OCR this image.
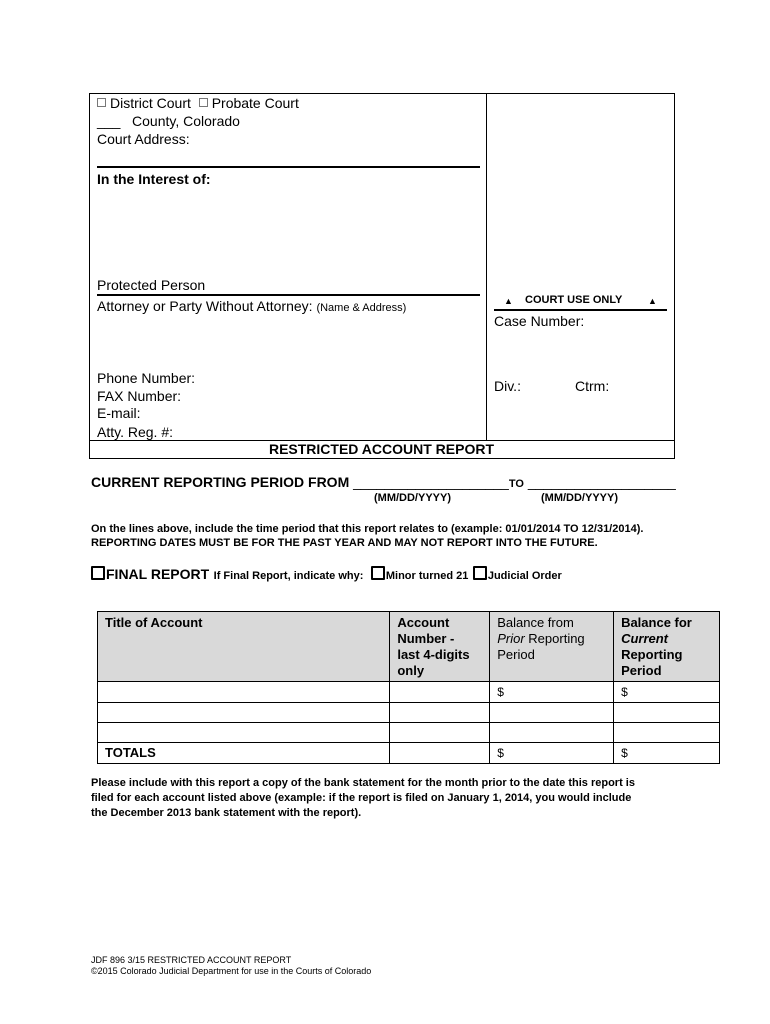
District Court Probate Court
___ County, Colorado
Court Address:
In the Interest of:
Protected Person
Attorney or Party Without Attorney: (Name & Address)
Phone Number:
FAX Number:
E-mail:
Atty. Reg. #:
▲ COURT USE ONLY	▲
Case Number:
Div.:	Ctrm:
RESTRICTED ACCOUNT REPORT
CURRENT REPORTING PERIOD FROM ____________________TO ___________________
(MM/DD/YYYY)	(MM/DD/YYYY)
On the lines above, include the time period that this report relates to (example: 01/01/2014 TO 12/31/2014).
REPORTING DATES MUST BE FOR THE PAST YEAR AND MAY NOT REPORT INTO THE FUTURE.
FINAL REPORT If Final Report, indicate why: Minor turned 21 Judicial Order
Title of Account	Account
Number -
last 4-digits
only	Balance from
Prior Reporting
Period	Balance for
Current
Reporting
Period
		$	$

TOTALS		$	$
Please include with this report a copy of the bank statement for the month prior to the date this report is
filed for each account listed above (example: if the report is filed on January 1, 2014, you would include
the December 2013 bank statement with the report).
JDF 896 3/15 RESTRICTED ACCOUNT REPORT
©2015 Colorado Judicial Department for use in the Courts of Colorado
